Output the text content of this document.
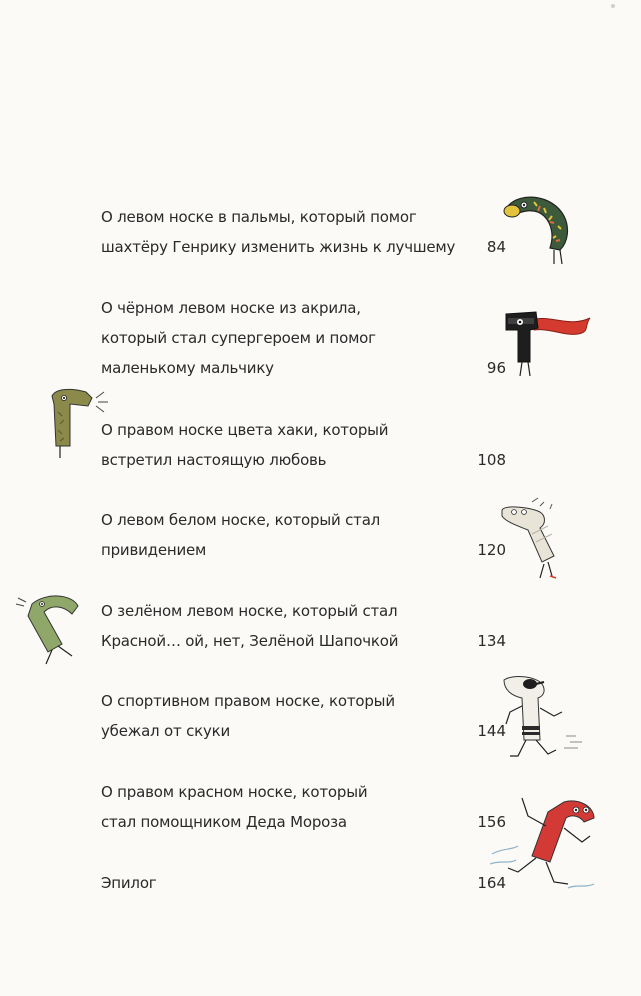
О левом носке в пальмы, который помог
шахтёру Генрику изменить жизнь к лучшему	84
О чёрном левом носке из акрила,
который стал супергероем и помог
маленькому мальчику	96
О правом носке цвета хаки, который
встретил настоящую любовь	108
О левом белом носке, который стал
привидением	120
О зелёном левом носке, который стал
Красной… ой, нет, Зелёной Шапочкой	134
О спортивном правом носке, который
убежал от скуки	144
О правом красном носке, который
стал помощником Деда Мороза	156
Эпилог	164
